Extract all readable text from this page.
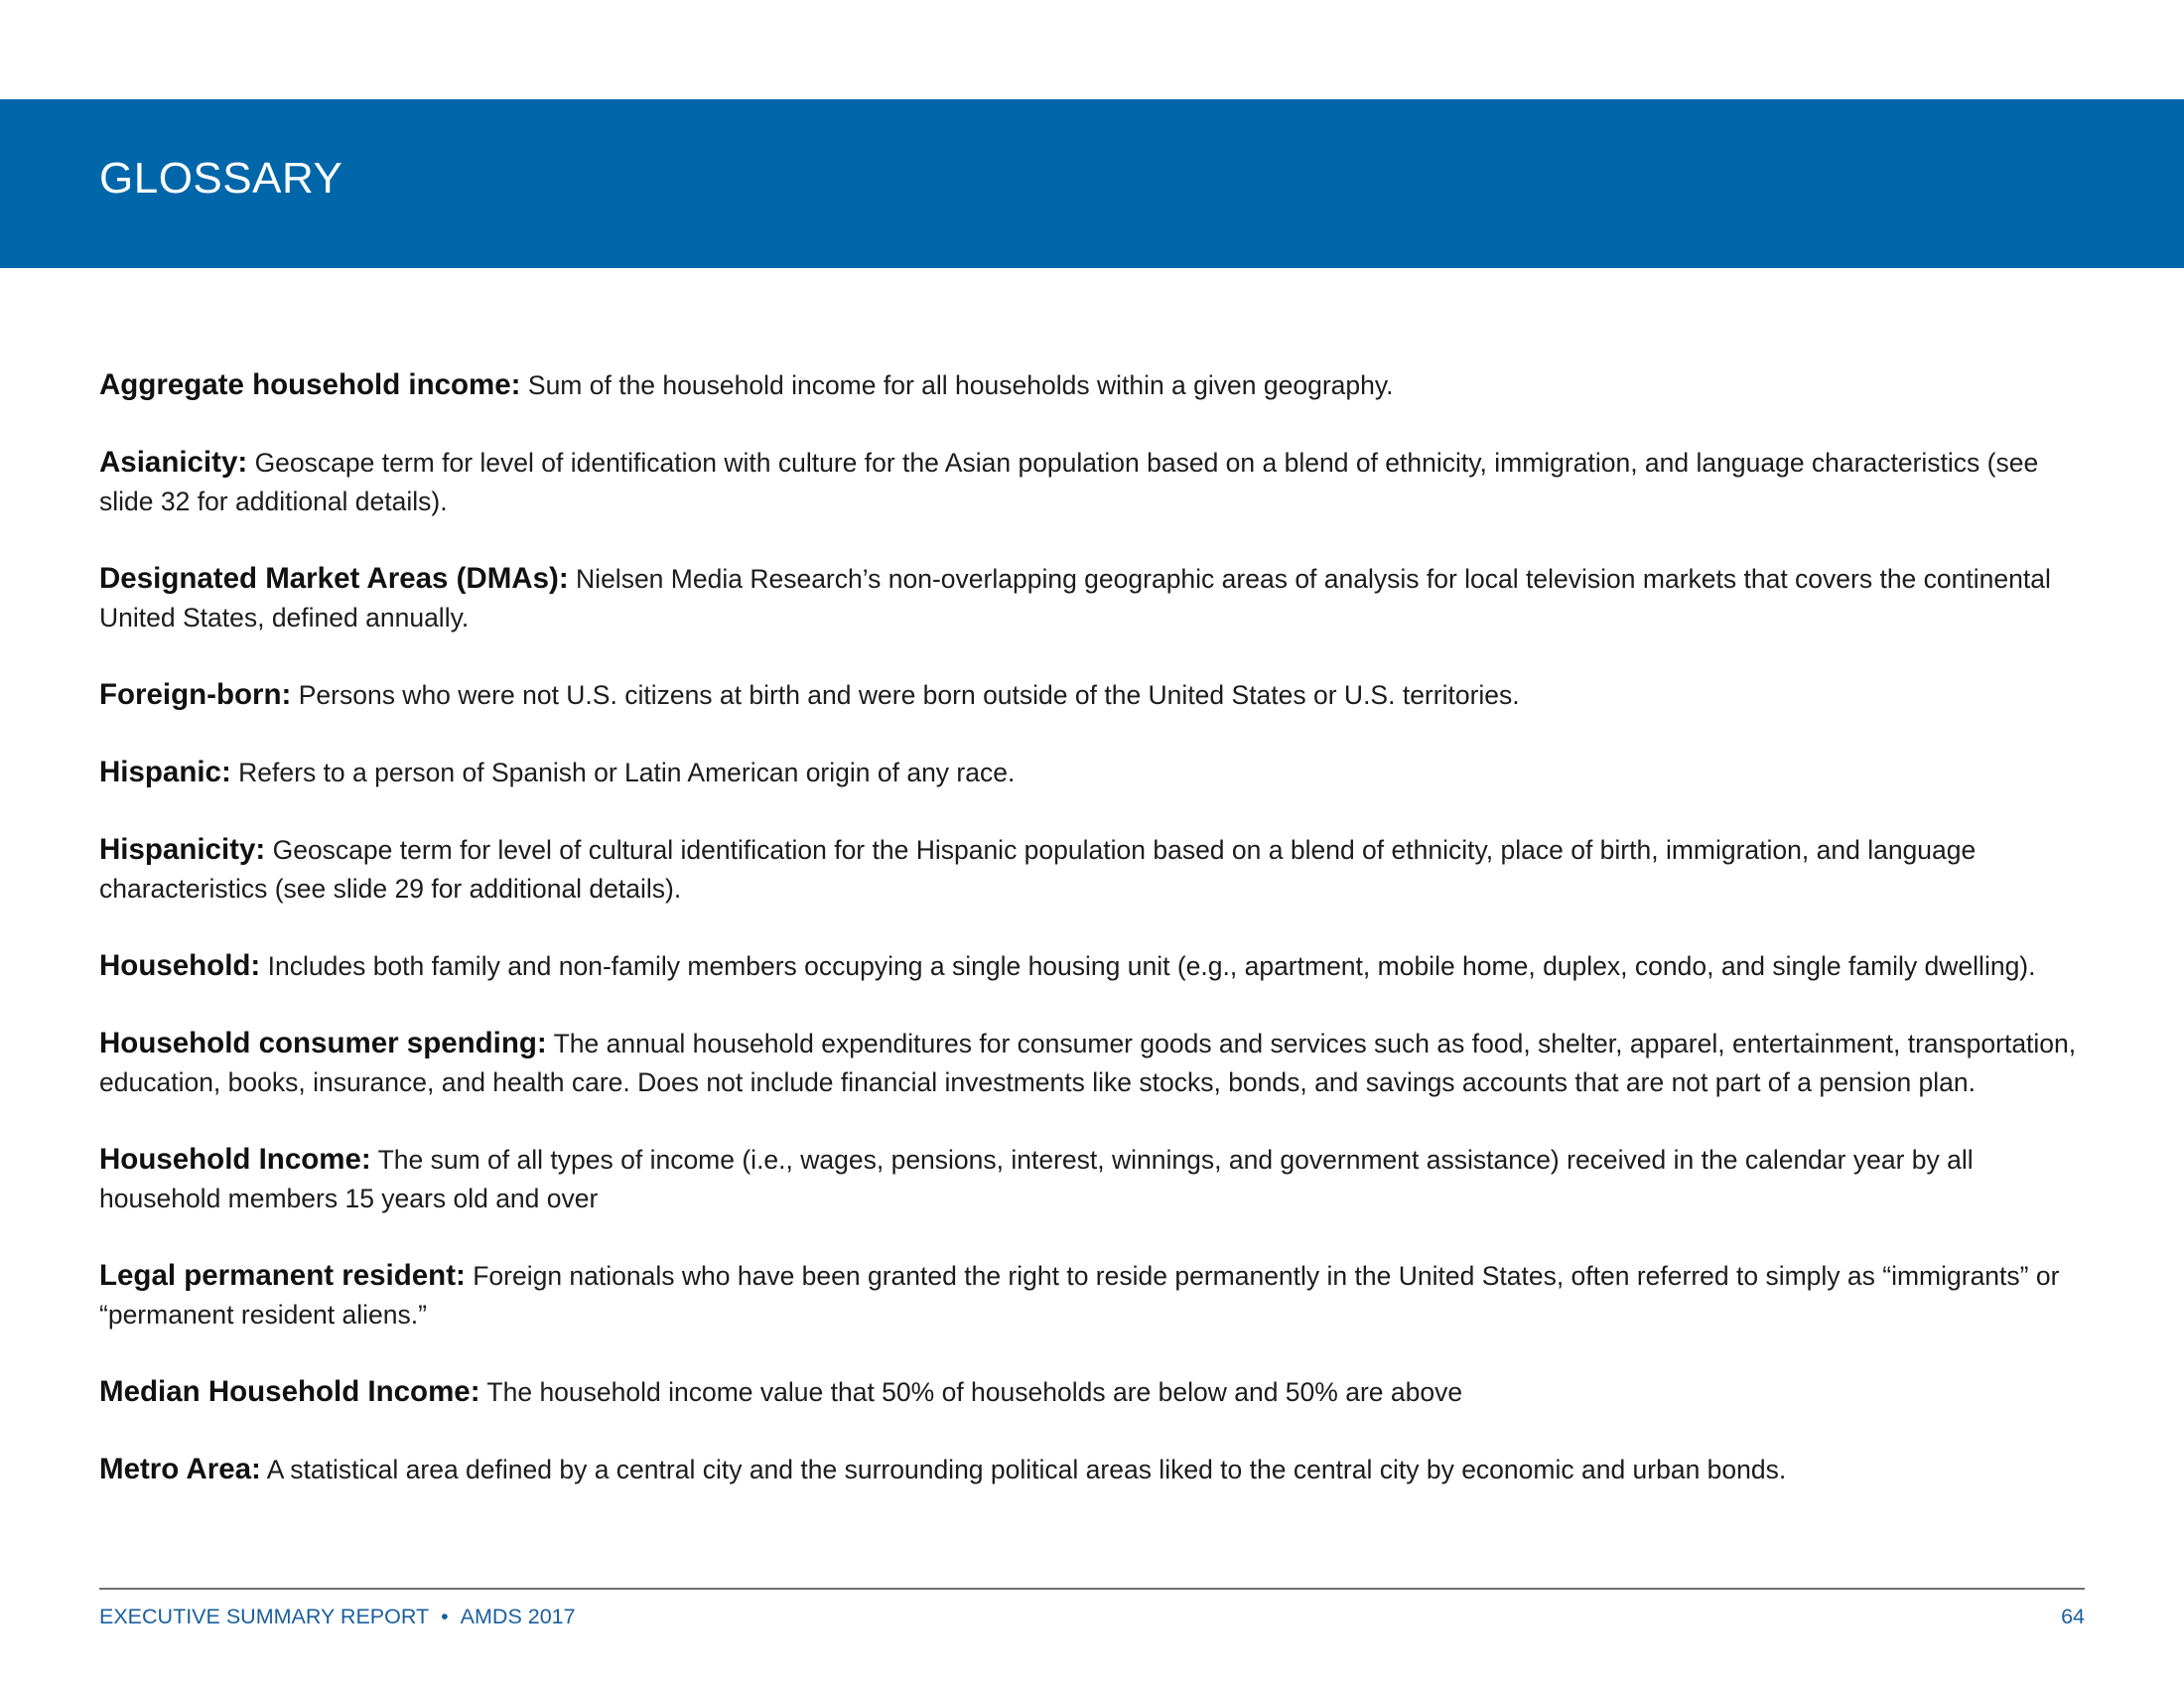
GLOSSARY

Aggregate household income: Sum of the household income for all households within a given geography.

Asianicity: Geoscape term for level of identification with culture for the Asian population based on a blend of ethnicity, immigration, and language characteristics (see slide 32 for additional details).

Designated Market Areas (DMAs): Nielsen Media Research’s non-overlapping geographic areas of analysis for local television markets that covers the continental United States, defined annually.

Foreign-born: Persons who were not U.S. citizens at birth and were born outside of the United States or U.S. territories.

Hispanic: Refers to a person of Spanish or Latin American origin of any race.

Hispanicity: Geoscape term for level of cultural identification for the Hispanic population based on a blend of ethnicity, place of birth, immigration, and language characteristics (see slide 29 for additional details).

Household: Includes both family and non-family members occupying a single housing unit (e.g., apartment, mobile home, duplex, condo, and single family dwelling).

Household consumer spending: The annual household expenditures for consumer goods and services such as food, shelter, apparel, entertainment, transportation, education, books, insurance, and health care. Does not include financial investments like stocks, bonds, and savings accounts that are not part of a pension plan.

Household Income: The sum of all types of income (i.e., wages, pensions, interest, winnings, and government assistance) received in the calendar year by all household members 15 years old and over

Legal permanent resident: Foreign nationals who have been granted the right to reside permanently in the United States, often referred to simply as “immigrants” or “permanent resident aliens.”

Median Household Income: The household income value that 50% of households are below and 50% are above

Metro Area: A statistical area defined by a central city and the surrounding political areas liked to the central city by economic and urban bonds.

EXECUTIVE SUMMARY REPORT • AMDS 2017	64
